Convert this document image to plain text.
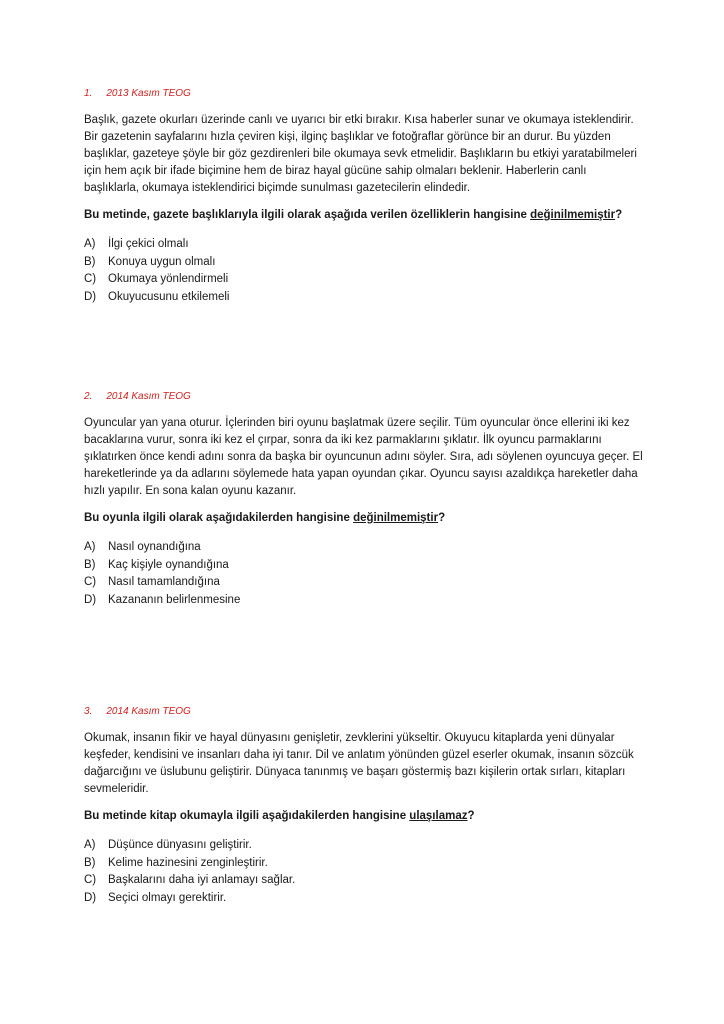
1. 2013 Kasım TEOG

Başlık, gazete okurları üzerinde canlı ve uyarıcı bir etki bırakır. Kısa haberler sunar ve okumaya isteklendirir. Bir gazetenin sayfalarını hızla çeviren kişi, ilginç başlıklar ve fotoğraflar görünce bir an durur. Bu yüzden başlıklar, gazeteye şöyle bir göz gezdirenleri bile okumaya sevk etmelidir. Başlıkların bu etkiyi yaratabilmeleri için hem açık bir ifade biçimine hem de biraz hayal gücüne sahip olmaları beklenir. Haberlerin canlı başlıklarla, okumaya isteklendirici biçimde sunulması gazetecilerin elindedir.

Bu metinde, gazete başlıklarıyla ilgili olarak aşağıda verilen özelliklerin hangisine değinilmemiştir?

A)	İlgi çekici olmalı
B)	Konuya uygun olmalı
C)	Okumaya yönlendirmeli
D)	Okuyucusunu etkilemeli
2. 2014 Kasım TEOG

Oyuncular yan yana oturur. İçlerinden biri oyunu başlatmak üzere seçilir. Tüm oyuncular önce ellerini iki kez bacaklarına vurur, sonra iki kez el çırpar, sonra da iki kez parmaklarını şıklatır. İlk oyuncu parmaklarını şıklatırken önce kendi adını sonra da başka bir oyuncunun adını söyler. Sıra, adı söylenen oyuncuya geçer. El hareketlerinde ya da adlarını söylemede hata yapan oyundan çıkar. Oyuncu sayısı azaldıkça hareketler daha hızlı yapılır. En sona kalan oyunu kazanır.

Bu oyunla ilgili olarak aşağıdakilerden hangisine değinilmemiştir?

A)	Nasıl oynandığına
B)	Kaç kişiyle oynandığına
C)	Nasıl tamamlandığına
D)	Kazananın belirlenmesine
3. 2014 Kasım TEOG

Okumak, insanın fikir ve hayal dünyasını genişletir, zevklerini yükseltir. Okuyucu kitaplarda yeni dünyalar keşfeder, kendisini ve insanları daha iyi tanır. Dil ve anlatım yönünden güzel eserler okumak, insanın sözcük dağarcığını ve üslubunu geliştirir. Dünyaca tanınmış ve başarı göstermiş bazı kişilerin ortak sırları, kitapları sevmeleridir.

Bu metinde kitap okumayla ilgili aşağıdakilerden hangisine ulaşılamaz?

A)	Düşünce dünyasını geliştirir.
B)	Kelime hazinesini zenginleştirir.
C)	Başkalarını daha iyi anlamayı sağlar.
D)	Seçici olmayı gerektirir.
